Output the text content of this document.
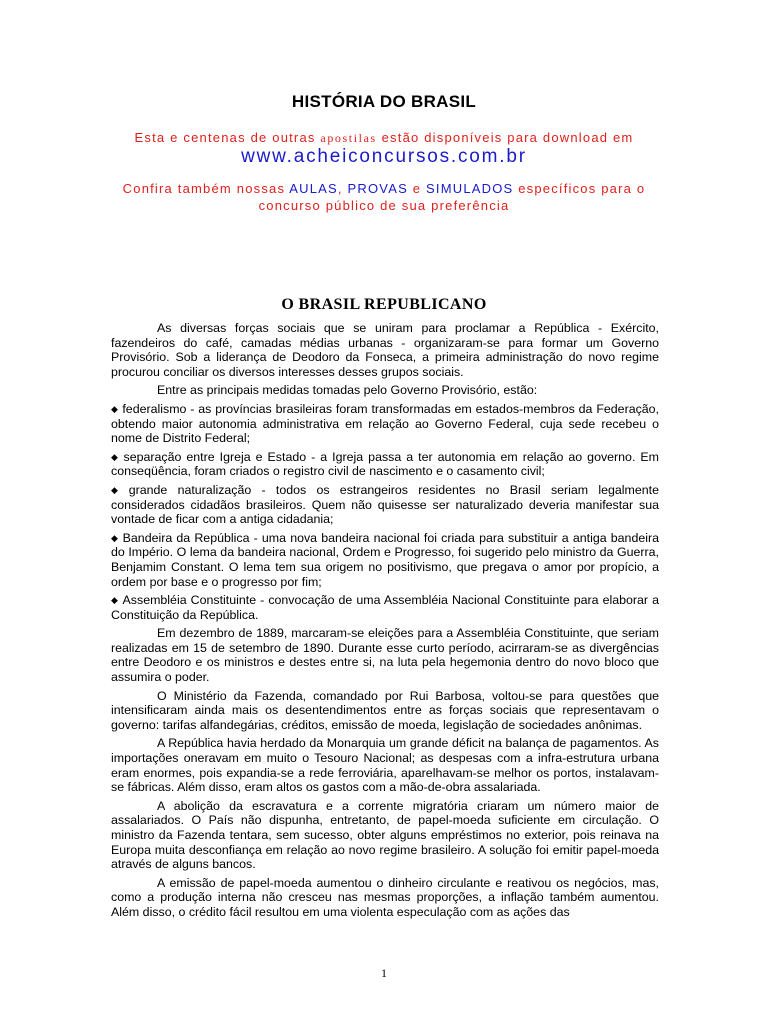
HISTÓRIA DO BRASIL
Esta e centenas de outras apostilas estão disponíveis para download em
www.acheiconcursos.com.br
Confira também nossas AULAS, PROVAS e SIMULADOS específicos para o concurso público de sua preferência
O BRASIL REPUBLICANO

As diversas forças sociais que se uniram para proclamar a República - Exército, fazendeiros do café, camadas médias urbanas - organizaram-se para formar um Governo Provisório. Sob a liderança de Deodoro da Fonseca, a primeira administração do novo regime procurou conciliar os diversos interesses desses grupos sociais.

Entre as principais medidas tomadas pelo Governo Provisório, estão:

◆ federalismo - as províncias brasileiras foram transformadas em estados-membros da Federação, obtendo maior autonomia administrativa em relação ao Governo Federal, cuja sede recebeu o nome de Distrito Federal;

◆ separação entre Igreja e Estado - a Igreja passa a ter autonomia em relação ao governo. Em conseqüência, foram criados o registro civil de nascimento e o casamento civil;

◆ grande naturalização - todos os estrangeiros residentes no Brasil seriam legalmente considerados cidadãos brasileiros. Quem não quisesse ser naturalizado deveria manifestar sua vontade de ficar com a antiga cidadania;

◆ Bandeira da República - uma nova bandeira nacional foi criada para substituir a antiga bandeira do Império. O lema da bandeira nacional, Ordem e Progresso, foi sugerido pelo ministro da Guerra, Benjamim Constant. O lema tem sua origem no positivismo, que pregava o amor por propício, a ordem por base e o progresso por fim;

◆ Assembléia Constituinte - convocação de uma Assembléia Nacional Constituinte para elaborar a Constituição da República.

Em dezembro de 1889, marcaram-se eleições para a Assembléia Constituinte, que seriam realizadas em 15 de setembro de 1890. Durante esse curto período, acirraram-se as divergências entre Deodoro e os ministros e destes entre si, na luta pela hegemonia dentro do novo bloco que assumira o poder.

O Ministério da Fazenda, comandado por Rui Barbosa, voltou-se para questões que intensificaram ainda mais os desentendimentos entre as forças sociais que representavam o governo: tarifas alfandegárias, créditos, emissão de moeda, legislação de sociedades anônimas.

A República havia herdado da Monarquia um grande déficit na balança de pagamentos. As importações oneravam em muito o Tesouro Nacional; as despesas com a infra-estrutura urbana eram enormes, pois expandia-se a rede ferroviária, aparelhavam-se melhor os portos, instalavam-se fábricas. Além disso, eram altos os gastos com a mão-de-obra assalariada.

A abolição da escravatura e a corrente migratória criaram um número maior de assalariados. O País não dispunha, entretanto, de papel-moeda suficiente em circulação. O ministro da Fazenda tentara, sem sucesso, obter alguns empréstimos no exterior, pois reinava na Europa muita desconfiança em relação ao novo regime brasileiro. A solução foi emitir papel-moeda através de alguns bancos.

A emissão de papel-moeda aumentou o dinheiro circulante e reativou os negócios, mas, como a produção interna não cresceu nas mesmas proporções, a inflação também aumentou. Além disso, o crédito fácil resultou em uma violenta especulação com as ações das

1
